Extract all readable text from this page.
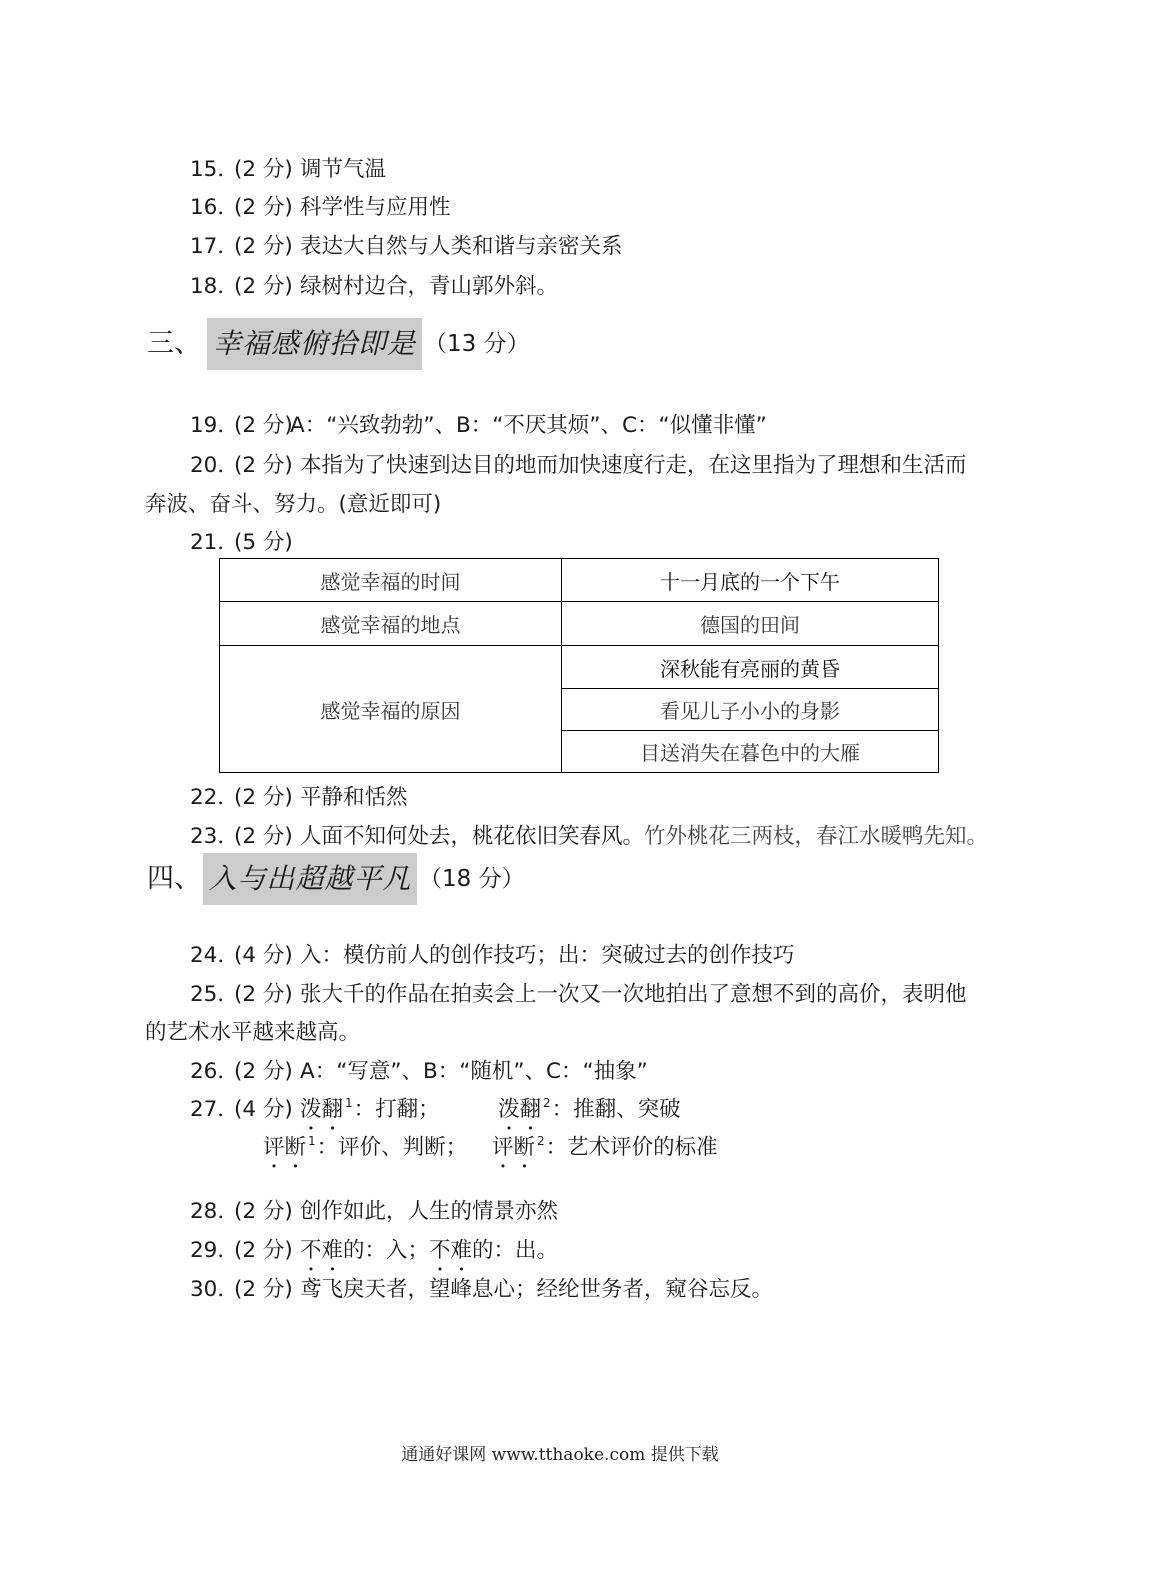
15．(2 分) 调节气温
16．(2 分) 科学性与应用性
17．(2 分) 表达大自然与人类和谐与亲密关系
18．(2 分) 绿树村边合，青山郭外斜。
三、 幸福感俯拾即是 （13 分）
19．(2 分)A：“兴致勃勃”、B：“不厌其烦”、C：“似懂非懂”
20．(2 分) 本指为了快速到达目的地而加快速度行走，在这里指为了理想和生活而
奔波、奋斗、努力。(意近即可)
21．(5 分)
感觉幸福的时间	十一月底的一个下午
感觉幸福的地点	德国的田间
感觉幸福的原因
深秋能有亮丽的黄昏
看见儿子小小的身影
目送消失在暮色中的大雁
22．(2 分) 平静和恬然
23．(2 分) 人面不知何处去，桃花依旧笑春风。竹外桃花三两枝，春江水暖鸭先知。
四、 入与出超越平凡 （18 分）
24．(4 分) 入：模仿前人的创作技巧；出：突破过去的创作技巧
25．(2 分) 张大千的作品在拍卖会上一次又一次地拍出了意想不到的高价，表明他
的艺术水平越来越高。
26．(2 分) A：“写意”、B：“随机”、C：“抽象”
27．(4 分) 泼翻 $^1$：打翻；	泼翻 $^2$：推翻、突破
评断 $^1$：评价、判断； 评断 $^2$：艺术评价的标准
28．(2 分) 创作如此，人生的情景亦然
29．(2 分) 不难的：入；不难的：出。
30．(2 分) 鸢飞戾天者，望峰息心；经纶世务者，窥谷忘反。
通通好课网 www.tthaoke.com 提供下载
